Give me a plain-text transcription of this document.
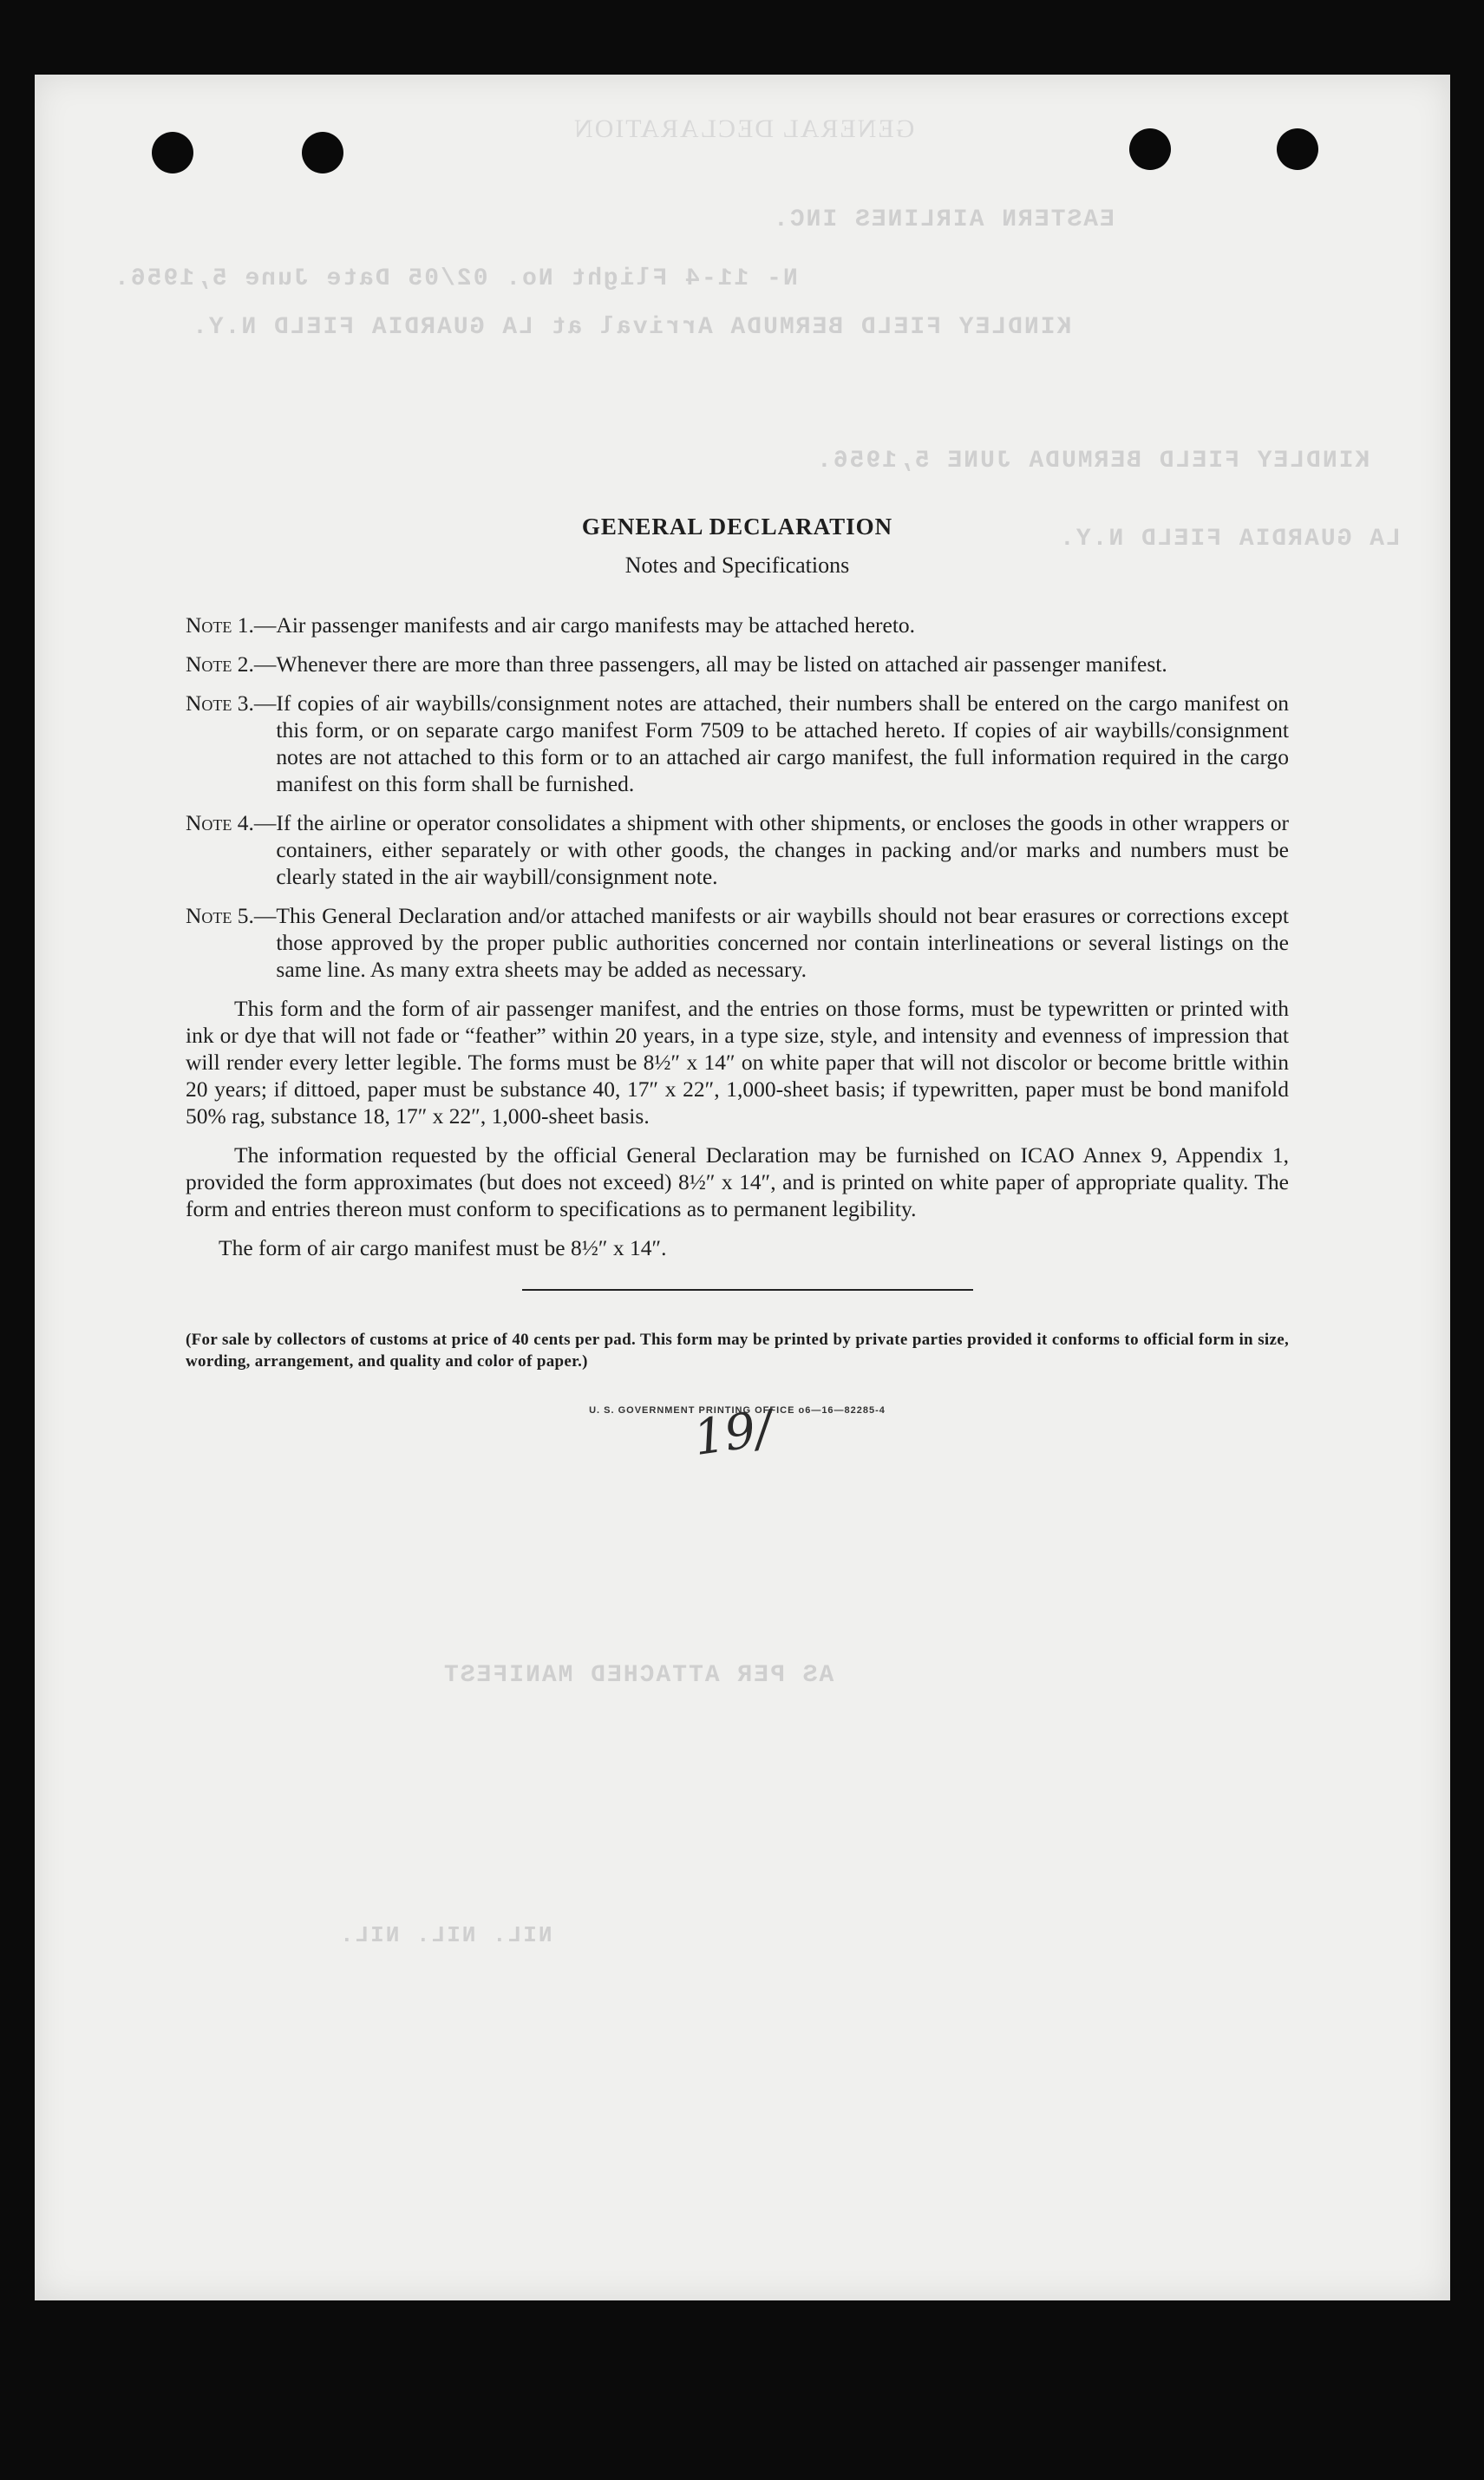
GENERAL DECLARATION
EASTERN AIRLINES INC.
N- 11-4 Flight No. 02/05 Date June 5,1956.
KINDLEY FIELD BERMUDA Arrival at LA GUARDIA FIELD N.Y.
KINDLEY FIELD BERMUDA JUNE 5,1956.
LA GUARDIA FIELD N.Y.
AS PER ATTACHED MANIFEST
NIL. NIL. NIL.
GENERAL DECLARATION
Notes and Specifications
Note 1.— Air passenger manifests and air cargo manifests may be attached hereto.
Note 2.— Whenever there are more than three passengers, all may be listed on attached air passenger manifest.
Note 3.— If copies of air waybills/consignment notes are attached, their numbers shall be entered on the cargo manifest on this form, or on separate cargo manifest Form 7509 to be attached hereto. If copies of air waybills/consignment notes are not attached to this form or to an attached air cargo manifest, the full information required in the cargo manifest on this form shall be furnished.
Note 4.— If the airline or operator consolidates a shipment with other shipments, or encloses the goods in other wrappers or containers, either separately or with other goods, the changes in packing and/or marks and numbers must be clearly stated in the air waybill/consignment note.
Note 5.— This General Declaration and/or attached manifests or air waybills should not bear erasures or corrections except those approved by the proper public authorities concerned nor contain interlineations or several listings on the same line. As many extra sheets may be added as necessary.

This form and the form of air passenger manifest, and the entries on those forms, must be typewritten or printed with ink or dye that will not fade or “feather” within 20 years, in a type size, style, and intensity and evenness of impression that will render every letter legible. The forms must be 8½″ x 14″ on white paper that will not discolor or become brittle within 20 years; if dittoed, paper must be substance 40, 17″ x 22″, 1,000-sheet basis; if typewritten, paper must be bond manifold 50% rag, substance 18, 17″ x 22″, 1,000-sheet basis.

The information requested by the official General Declaration may be furnished on ICAO Annex 9, Appendix 1, provided the form approximates (but does not exceed) 8½″ x 14″, and is printed on white paper of appropriate quality. The form and entries thereon must conform to specifications as to permanent legibility.

The form of air cargo manifest must be 8½″ x 14″.

(For sale by collectors of customs at price of 40 cents per pad. This form may be printed by private parties provided it conforms to official form in size, wording, arrangement, and quality and color of paper.)

U. S. GOVERNMENT PRINTING OFFICE o6—16—82285-4
19/
